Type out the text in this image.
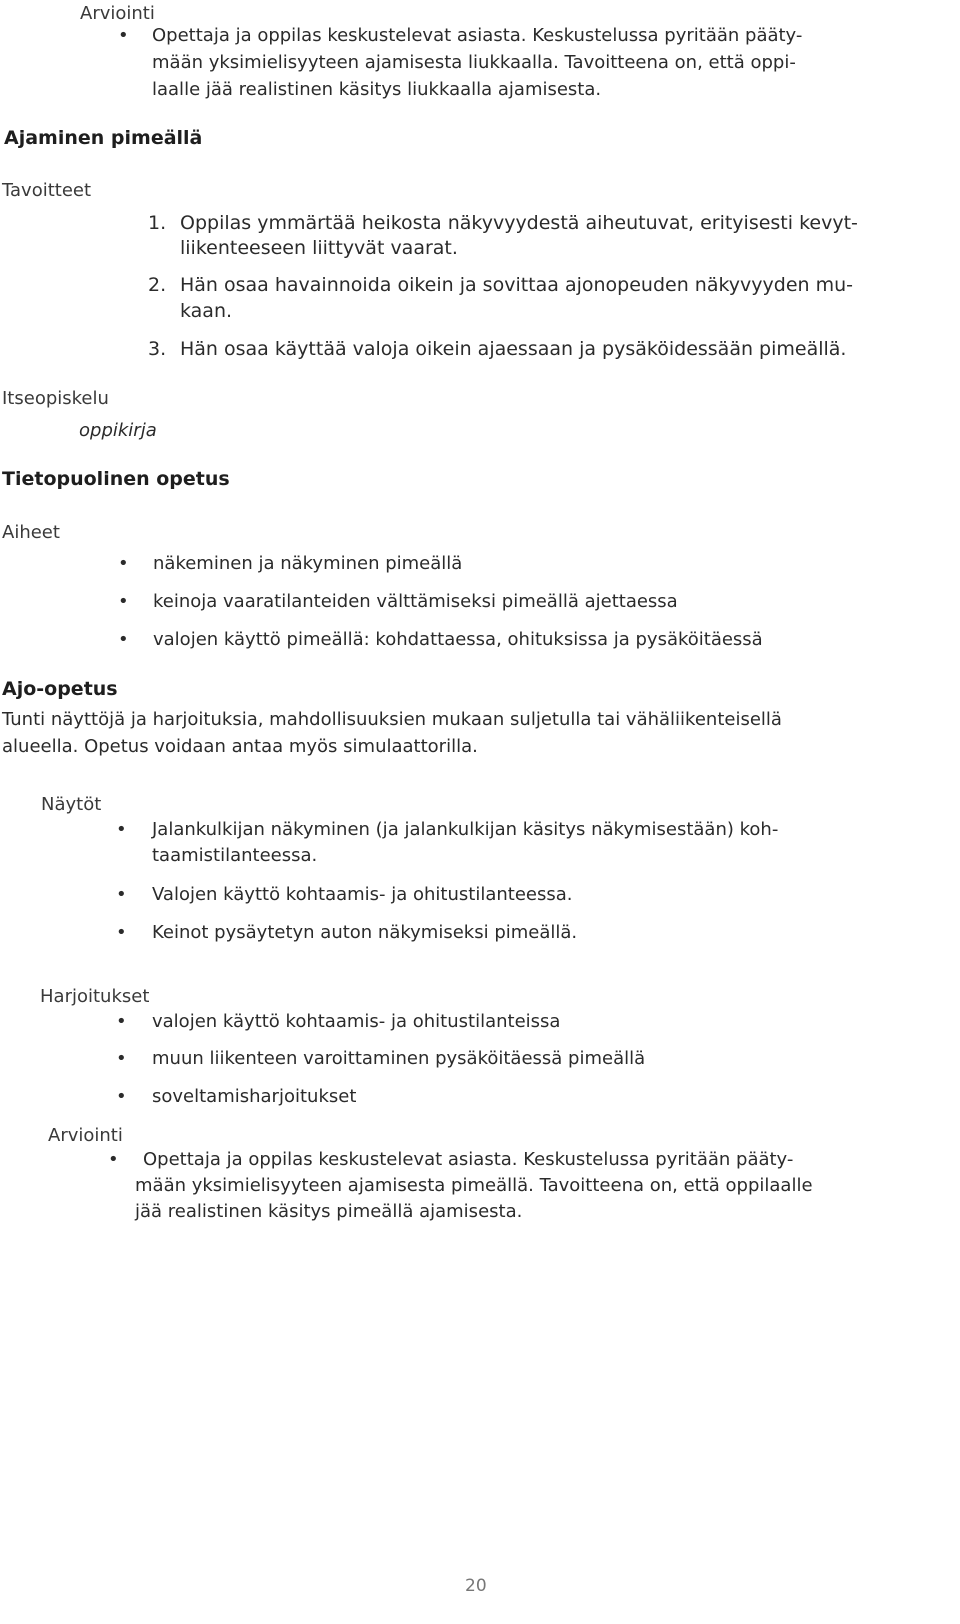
Arviointi
• Opettaja ja oppilas keskustelevat asiasta. Keskustelussa pyritään pääty-
mään yksimielisyyteen ajamisesta liukkaalla. Tavoitteena on, että oppi-
laalle jää realistinen käsitys liukkaalla ajamisesta.
Ajaminen pimeällä
Tavoitteet
1. Oppilas ymmärtää heikosta näkyvyydestä aiheutuvat, erityisesti kevyt-
liikenteeseen liittyvät vaarat.
2. Hän osaa havainnoida oikein ja sovittaa ajonopeuden näkyvyyden mu-
kaan.
3. Hän osaa käyttää valoja oikein ajaessaan ja pysäköidessään pimeällä.
Itseopiskelu
oppikirja
Tietopuolinen opetus
Aiheet
• näkeminen ja näkyminen pimeällä
• keinoja vaaratilanteiden välttämiseksi pimeällä ajettaessa
• valojen käyttö pimeällä: kohdattaessa, ohituksissa ja pysäköitäessä
Ajo-opetus
Tunti näyttöjä ja harjoituksia, mahdollisuuksien mukaan suljetulla tai vähäliikenteisellä
alueella. Opetus voidaan antaa myös simulaattorilla.
Näytöt
• Jalankulkijan näkyminen (ja jalankulkijan käsitys näkymisestään) koh-
taamistilanteessa.
• Valojen käyttö kohtaamis- ja ohitustilanteessa.
• Keinot pysäytetyn auton näkymiseksi pimeällä.
Harjoitukset
• valojen käyttö kohtaamis- ja ohitustilanteissa
• muun liikenteen varoittaminen pysäköitäessä pimeällä
• soveltamisharjoitukset
Arviointi
• Opettaja ja oppilas keskustelevat asiasta. Keskustelussa pyritään pääty-
mään yksimielisyyteen ajamisesta pimeällä. Tavoitteena on, että oppilaalle
jää realistinen käsitys pimeällä ajamisesta.
20
